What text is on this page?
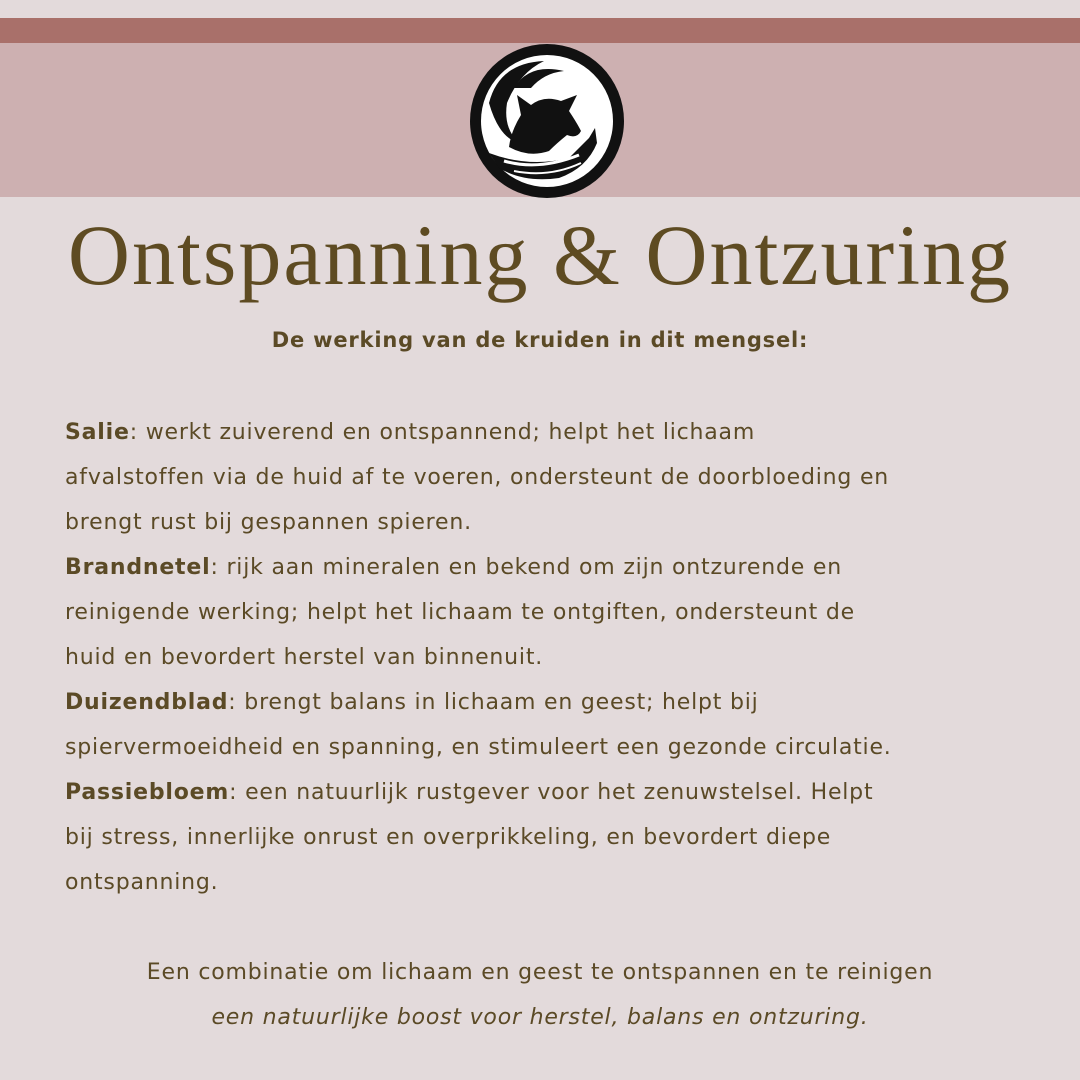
Ontspanning & Ontzuring
De werking van de kruiden in dit mengsel:
Salie: werkt zuiverend en ontspannend; helpt het lichaam
afvalstoffen via de huid af te voeren, ondersteunt de doorbloeding en
brengt rust bij gespannen spieren.
Brandnetel: rijk aan mineralen en bekend om zijn ontzurende en
reinigende werking; helpt het lichaam te ontgiften, ondersteunt de
huid en bevordert herstel van binnenuit.
Duizendblad: brengt balans in lichaam en geest; helpt bij
spiervermoeidheid en spanning, en stimuleert een gezonde circulatie.
Passiebloem: een natuurlijk rustgever voor het zenuwstelsel. Helpt
bij stress, innerlijke onrust en overprikkeling, en bevordert diepe
ontspanning.
Een combinatie om lichaam en geest te ontspannen en te reinigen
een natuurlijke boost voor herstel, balans en ontzuring.
